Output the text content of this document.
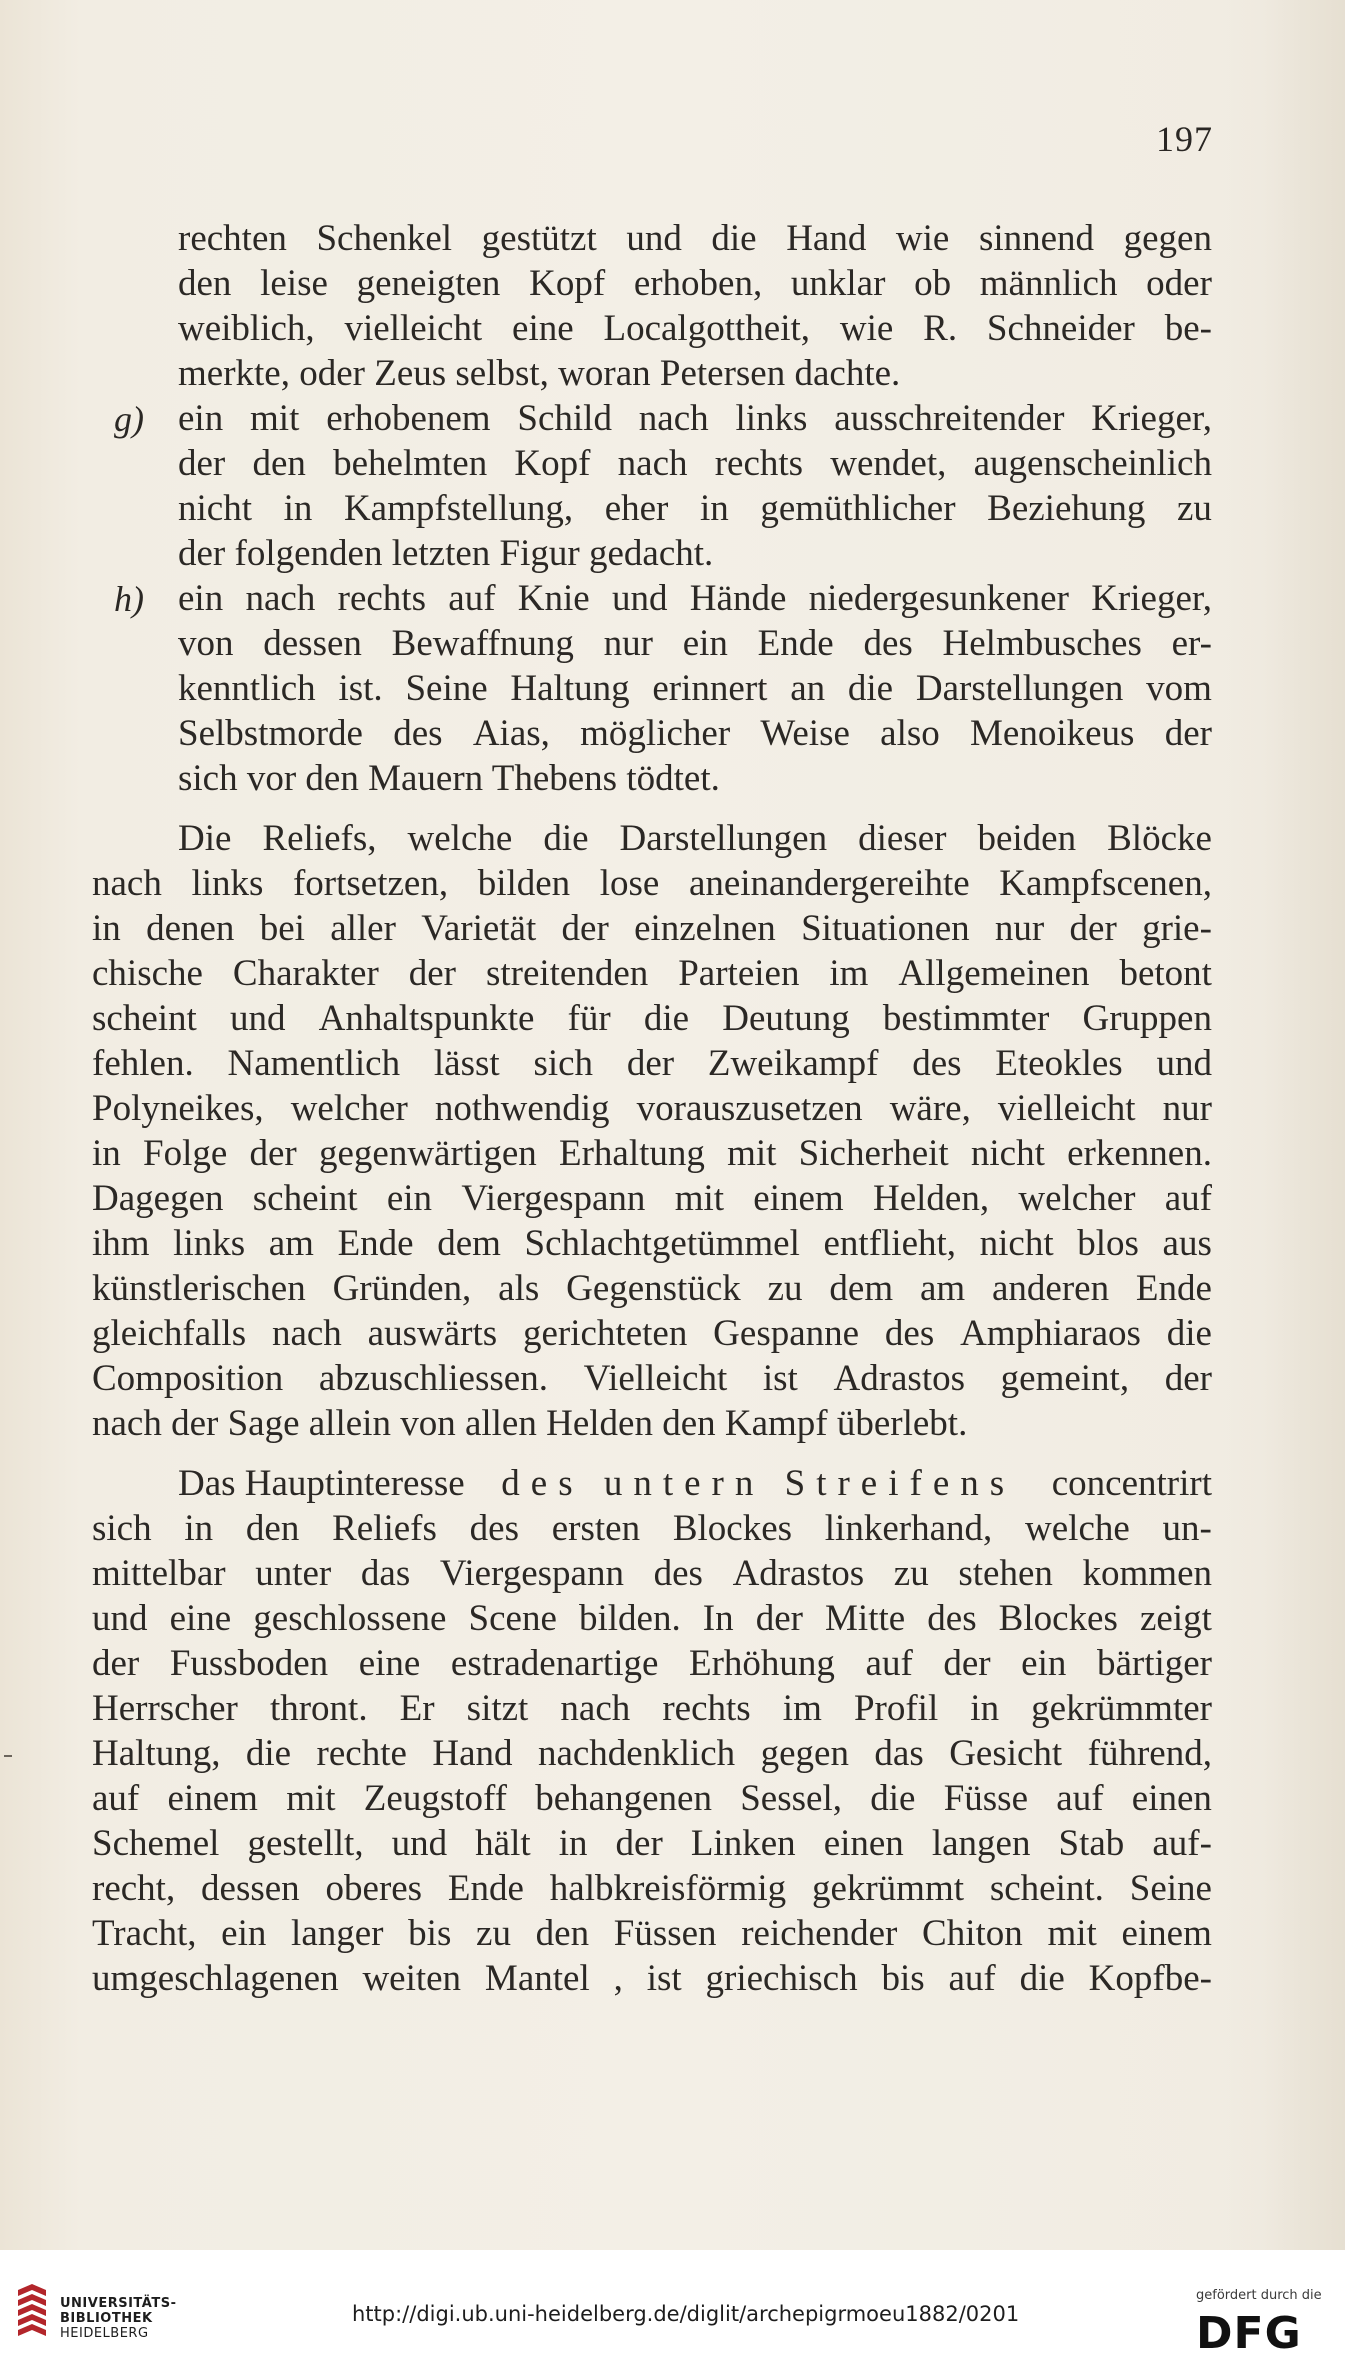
197
rechten Schenkel gestützt und die Hand wie sinnend gegen
den leise geneigten Kopf erhoben, unklar ob männlich oder
weiblich, vielleicht eine Localgottheit, wie R. Schneider be-
merkte, oder Zeus selbst, woran Petersen dachte.
g) ein mit erhobenem Schild nach links ausschreitender Krieger,
der den behelmten Kopf nach rechts wendet, augenscheinlich
nicht in Kampfstellung, eher in gemüthlicher Beziehung zu
der folgenden letzten Figur gedacht.
h) ein nach rechts auf Knie und Hände niedergesunkener Krieger,
von dessen Bewaffnung nur ein Ende des Helmbusches er-
kenntlich ist. Seine Haltung erinnert an die Darstellungen vom
Selbstmorde des Aias, möglicher Weise also Menoikeus der
sich vor den Mauern Thebens tödtet.
Die Reliefs, welche die Darstellungen dieser beiden Blöcke
nach links fortsetzen, bilden lose aneinandergereihte Kampfscenen,
in denen bei aller Varietät der einzelnen Situationen nur der grie-
chische Charakter der streitenden Parteien im Allgemeinen betont
scheint und Anhaltspunkte für die Deutung bestimmter Gruppen
fehlen. Namentlich lässt sich der Zweikampf des Eteokles und
Polyneikes, welcher nothwendig vorauszusetzen wäre, vielleicht nur
in Folge der gegenwärtigen Erhaltung mit Sicherheit nicht erkennen.
Dagegen scheint ein Viergespann mit einem Helden, welcher auf
ihm links am Ende dem Schlachtgetümmel entflieht, nicht blos aus
künstlerischen Gründen, als Gegenstück zu dem am anderen Ende
gleichfalls nach auswärts gerichteten Gespanne des Amphiaraos die
Composition abzuschliessen. Vielleicht ist Adrastos gemeint, der
nach der Sage allein von allen Helden den Kampf überlebt.
Das Hauptinteresse des untern Streifens concentrirt
sich in den Reliefs des ersten Blockes linkerhand, welche un-
mittelbar unter das Viergespann des Adrastos zu stehen kommen
und eine geschlossene Scene bilden. In der Mitte des Blockes zeigt
der Fussboden eine estradenartige Erhöhung auf der ein bärtiger
Herrscher thront. Er sitzt nach rechts im Profil in gekrümmter
Haltung, die rechte Hand nachdenklich gegen das Gesicht führend,
auf einem mit Zeugstoff behangenen Sessel, die Füsse auf einen
Schemel gestellt, und hält in der Linken einen langen Stab auf-
recht, dessen oberes Ende halbkreisförmig gekrümmt scheint. Seine
Tracht, ein langer bis zu den Füssen reichender Chiton mit einem
umgeschlagenen weiten Mantel , ist griechisch bis auf die Kopfbe-
UNIVERSITÄTS-
BIBLIOTHEK
HEIDELBERG
http://digi.ub.uni-heidelberg.de/diglit/archepigrmoeu1882/0201
gefördert durch die
DFG
